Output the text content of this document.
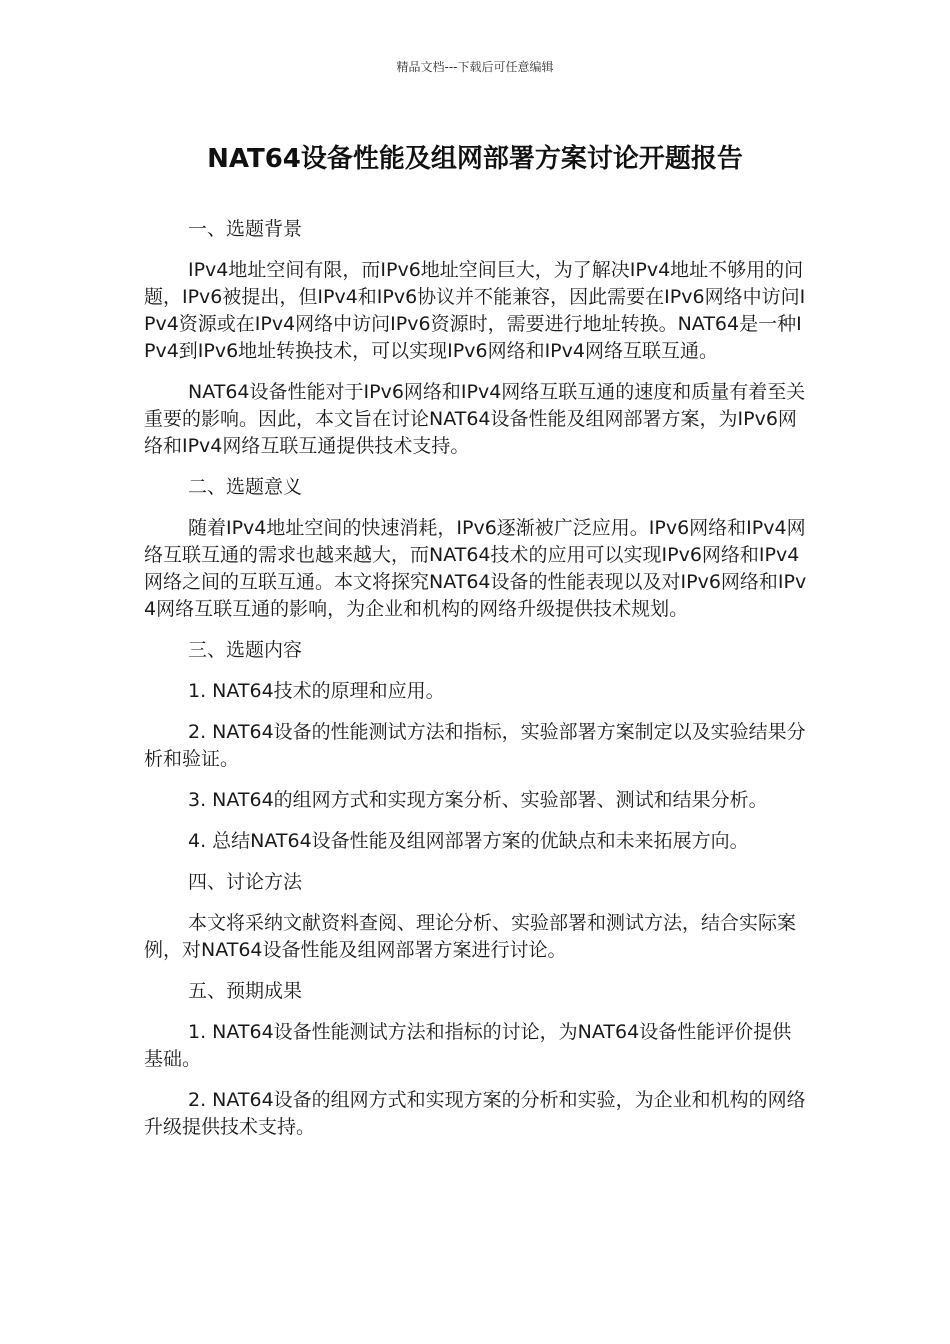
精品文档---下载后可任意编辑
NAT64设备性能及组网部署方案讨论开题报告

一、选题背景

IPv4地址空间有限，而IPv6地址空间巨大，为了解决IPv4地址不够用的问题，IPv6被提出，但IPv4和IPv6协议并不能兼容，因此需要在IPv6网络中访问IPv4资源或在IPv4网络中访问IPv6资源时，需要进行地址转换。NAT64是一种IPv4到IPv6地址转换技术，可以实现IPv6网络和IPv4网络互联互通。

NAT64设备性能对于IPv6网络和IPv4网络互联互通的速度和质量有着至关重要的影响。因此，本文旨在讨论NAT64设备性能及组网部署方案，为IPv6网络和IPv4网络互联互通提供技术支持。

二、选题意义

随着IPv4地址空间的快速消耗，IPv6逐渐被广泛应用。IPv6网络和IPv4网络互联互通的需求也越来越大，而NAT64技术的应用可以实现IPv6网络和IPv4网络之间的互联互通。本文将探究NAT64设备的性能表现以及对IPv6网络和IPv4网络互联互通的影响，为企业和机构的网络升级提供技术规划。

三、选题内容

1. NAT64技术的原理和应用。

2. NAT64设备的性能测试方法和指标，实验部署方案制定以及实验结果分析和验证。

3. NAT64的组网方式和实现方案分析、实验部署、测试和结果分析。

4. 总结NAT64设备性能及组网部署方案的优缺点和未来拓展方向。

四、讨论方法

本文将采纳文献资料查阅、理论分析、实验部署和测试方法，结合实际案例，对NAT64设备性能及组网部署方案进行讨论。

五、预期成果

1. NAT64设备性能测试方法和指标的讨论，为NAT64设备性能评价提供基础。

2. NAT64设备的组网方式和实现方案的分析和实验，为企业和机构的网络升级提供技术支持。
